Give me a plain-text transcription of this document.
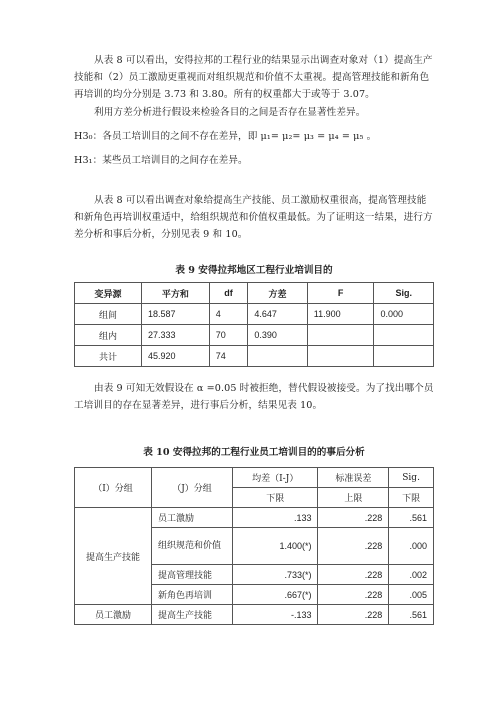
从表 8 可以看出，安得拉邦的工程行业的结果显示出调查对象对（1）提高生产技能和（2）员工激励更重视而对组织规范和价值不太重视。提高管理技能和新角色再培训的均分分别是 3.73 和 3.80。所有的权重都大于或等于 3.07。
利用方差分析进行假设来检验各目的之间是否存在显著性差异。
H3₀：各员工培训目的之间不存在差异，即 μ₁= μ₂= μ₃ = μ₄ = μ₅ 。
H3₁：某些员工培训目的之间存在差异。
从表 8 可以看出调查对象给提高生产技能、员工激励权重很高，提高管理技能和新角色再培训权重适中，给组织规范和价值权重最低。为了证明这一结果，进行方差分析和事后分析，分别见表 9 和 10。
表 9 安得拉邦地区工程行业培训目的
变异源	平方和	df	方差	F	Sig.
组间	18.587	4	4.647	11.900	0.000
组内	27.333	70	0.390		
共计	45.920	74			
由表 9 可知无效假设在 α =0.05 时被拒绝，替代假设被接受。为了找出哪个员工培训目的存在显著差异，进行事后分析，结果见表 10。
表 10 安得拉邦的工程行业员工培训目的的事后分析
（I）分组	（J）分组	均差（I-J）	标准误差	Sig.
		下限	上限	下限
提高生产技能	员工激励	.133	.228	.561
	组织规范和价值	1.400(*)	.228	.000
	提高管理技能	.733(*)	.228	.002
	新角色再培训	.667(*)	.228	.005
员工激励	提高生产技能	-.133	.228	.561
